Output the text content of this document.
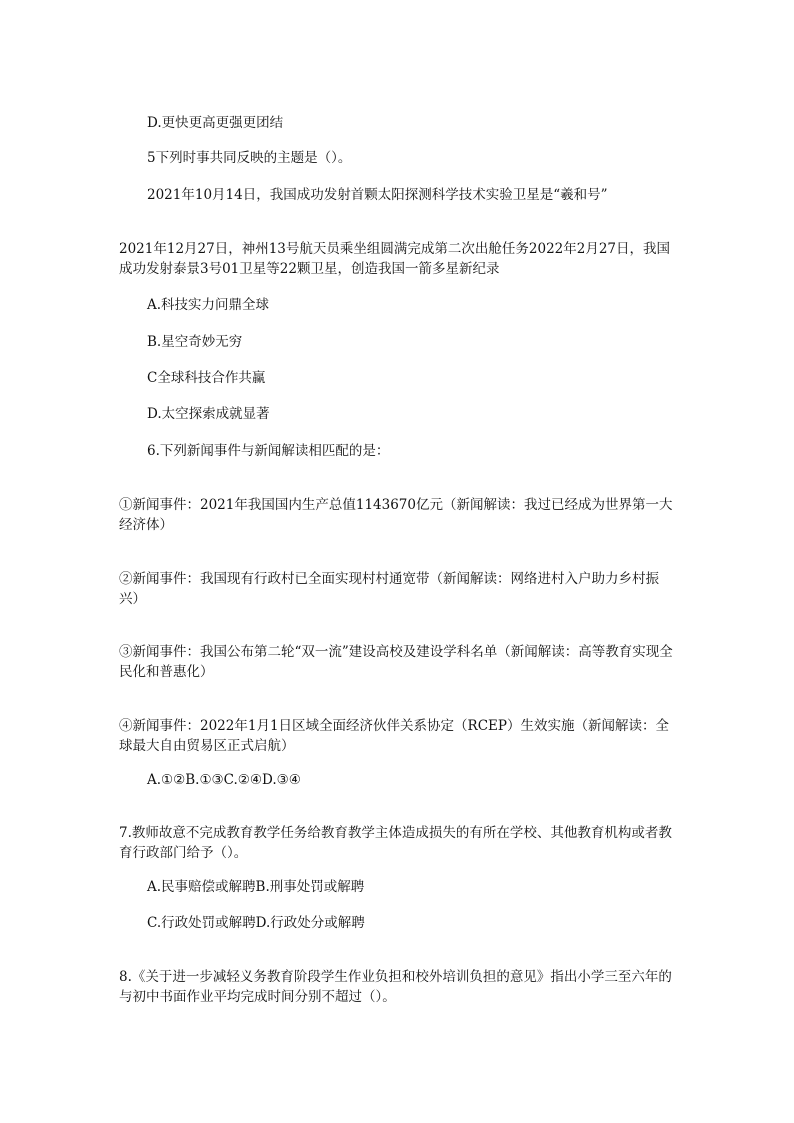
D.更快更高更强更团结
5下列时事共同反映的主题是（）。
2021年10月14日，我国成功发射首颗太阳探测科学技术实验卫星是“羲和号”
2021年12月27日，神州13号航天员乘坐组圆满完成第二次出舱任务2022年2月27日，我国成功发射泰景3号01卫星等22颗卫星，创造我国一箭多星新纪录
A.科技实力问鼎全球
B.星空奇妙无穷
C全球科技合作共赢
D.太空探索成就显著
6.下列新闻事件与新闻解读相匹配的是：
①新闻事件：2021年我国国内生产总值1143670亿元（新闻解读：我过已经成为世界第一大经济体）
②新闻事件：我国现有行政村已全面实现村村通宽带（新闻解读：网络进村入户助力乡村振兴）
③新闻事件：我国公布第二轮“双一流”建设高校及建设学科名单（新闻解读：高等教育实现全民化和普惠化）
④新闻事件：2022年1月1日区域全面经济伙伴关系协定（RCEP）生效实施（新闻解读：全球最大自由贸易区正式启航）
A.①②B.①③C.②④D.③④
7.教师故意不完成教育教学任务给教育教学主体造成损失的有所在学校、其他教育机构或者教育行政部门给予（）。
A.民事赔偿或解聘B.刑事处罚或解聘
C.行政处罚或解聘D.行政处分或解聘
8.《关于进一步减轻义务教育阶段学生作业负担和校外培训负担的意见》指出小学三至六年的与初中书面作业平均完成时间分别不超过（）。
